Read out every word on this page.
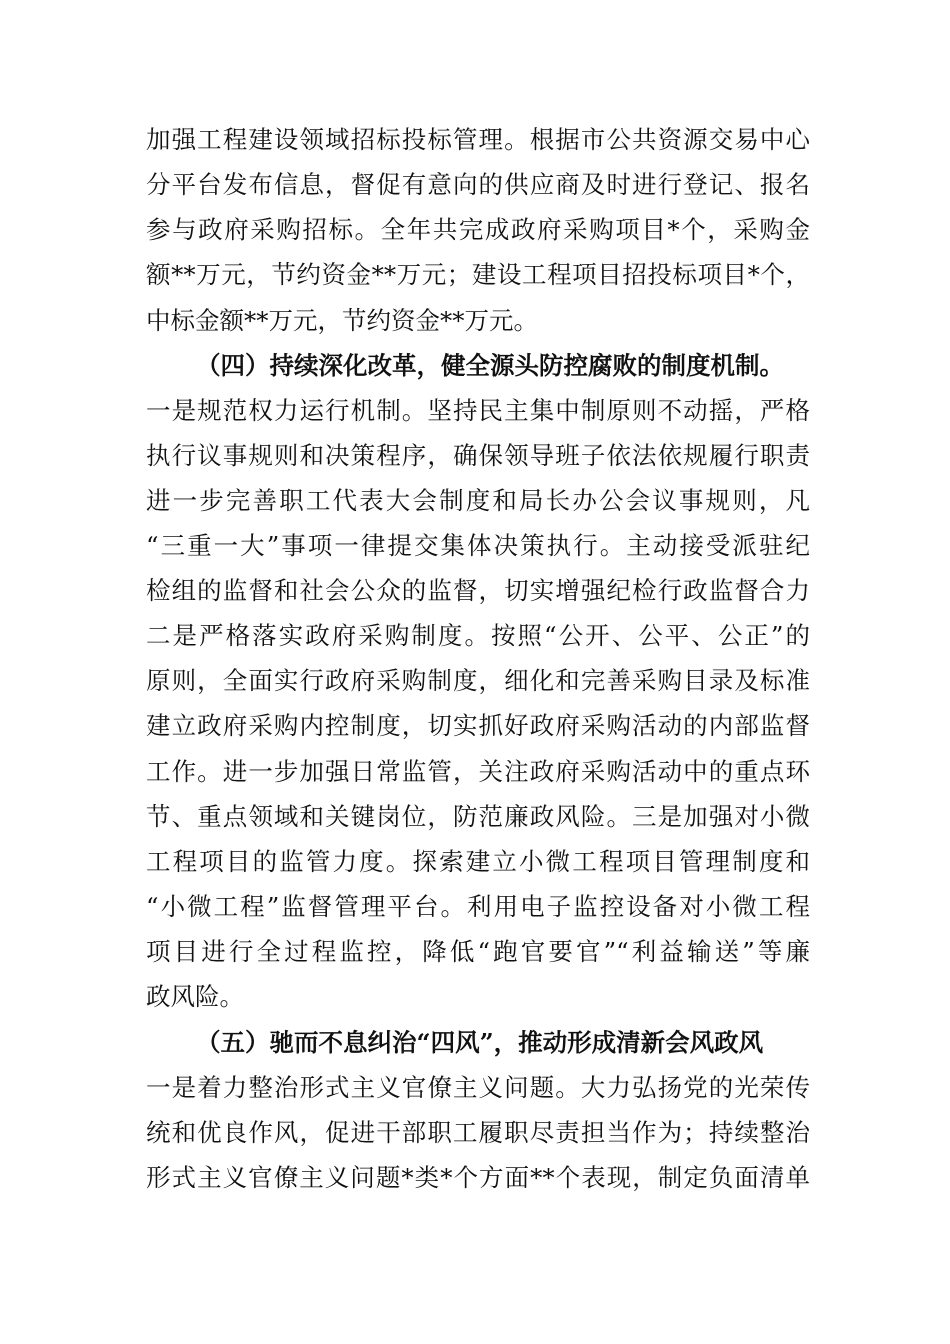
加强工程建设领域招标投标管理。根据市公共资源交易中心
分平台发布信息，督促有意向的供应商及时进行登记、报名
参与政府采购招标。全年共完成政府采购项目*个，采购金
额**万元，节约资金**万元；建设工程项目招投标项目*个，
中标金额**万元，节约资金**万元。
（四）持续深化改革，健全源头防控腐败的制度机制。
一是规范权力运行机制。坚持民主集中制原则不动摇，严格
执行议事规则和决策程序，确保领导班子依法依规履行职责
进一步完善职工代表大会制度和局长办公会议事规则，凡
“三重一大”事项一律提交集体决策执行。主动接受派驻纪
检组的监督和社会公众的监督，切实增强纪检行政监督合力
二是严格落实政府采购制度。按照“公开、公平、公正”的
原则，全面实行政府采购制度，细化和完善采购目录及标准
建立政府采购内控制度，切实抓好政府采购活动的内部监督
工作。进一步加强日常监管，关注政府采购活动中的重点环
节、重点领域和关键岗位，防范廉政风险。三是加强对小微
工程项目的监管力度。探索建立小微工程项目管理制度和
“小微工程”监督管理平台。利用电子监控设备对小微工程
项目进行全过程监控，降低“跑官要官”“利益输送”等廉
政风险。
（五）驰而不息纠治“四风”，推动形成清新会风政风
一是着力整治形式主义官僚主义问题。大力弘扬党的光荣传
统和优良作风，促进干部职工履职尽责担当作为；持续整治
形式主义官僚主义问题*类*个方面**个表现，制定负面清单
